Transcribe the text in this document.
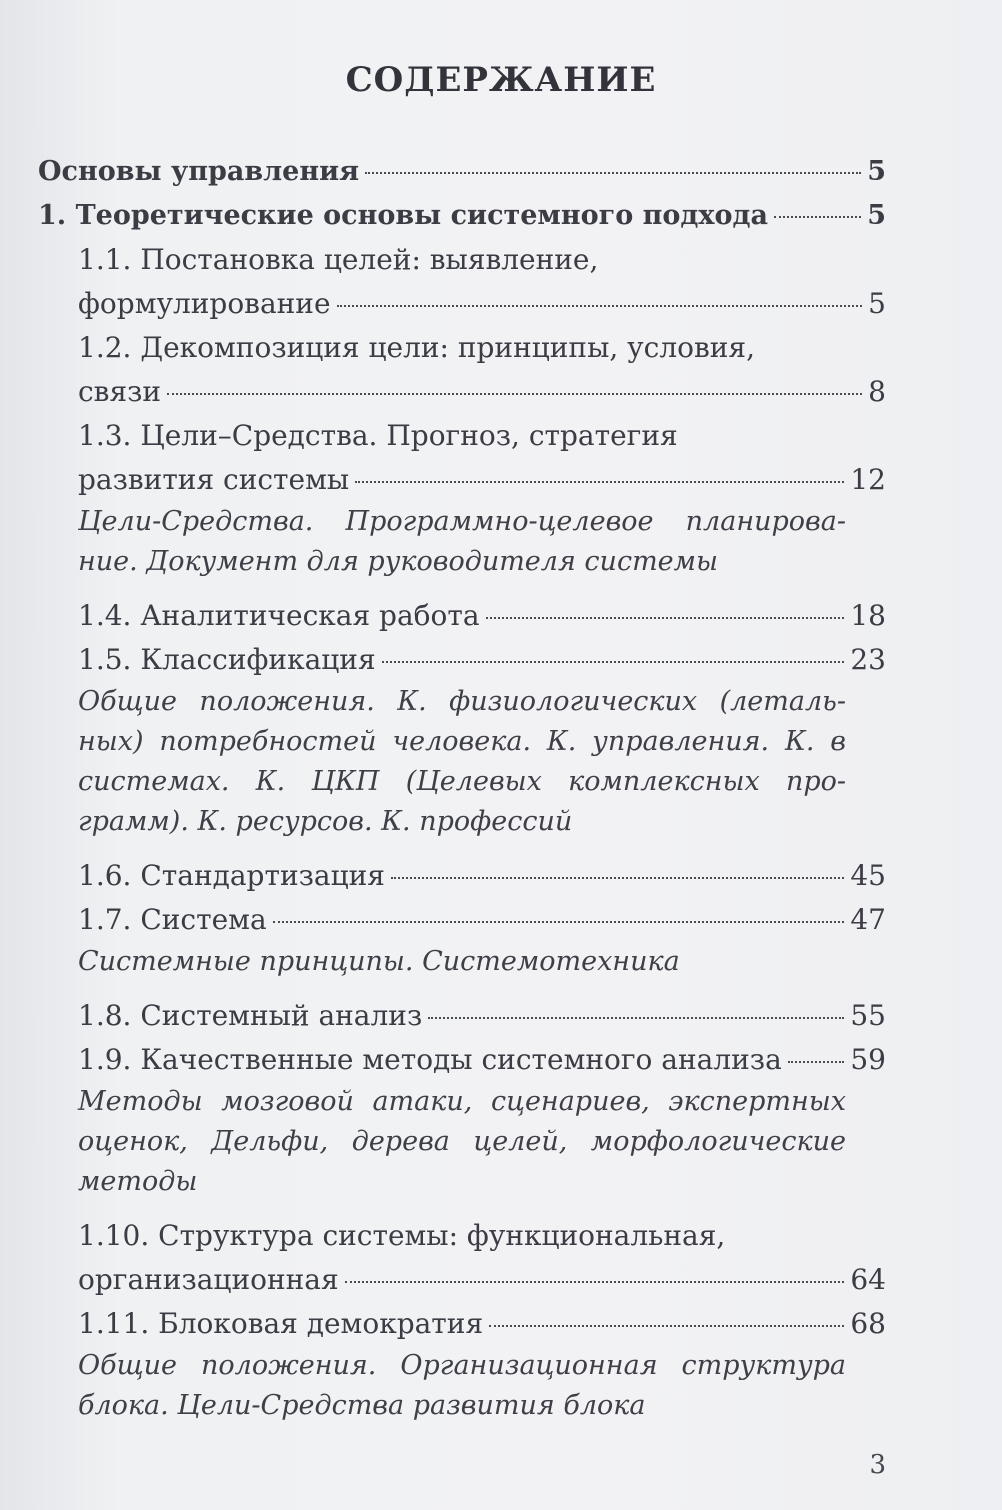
СОДЕРЖАНИЕ
Основы управления	5
1. Теоретические основы системного подхода	5
1.1. Постановка целей: выявление,
формулирование	5
1.2. Декомпозиция цели: принципы, условия,
связи	8
1.3. Цели–Средства. Прогноз, стратегия
развития системы	12
Цели-Средства. Программно-целевое планирова-ние. Документ для руководителя системы
1.4. Аналитическая работа	18
1.5. Классификация	23
Общие положения. К. физиологических (леталь-ных) потребностей человека. К. управления. К. в системах. К. ЦКП (Целевых комплексных про-грамм). К. ресурсов. К. профессий
1.6. Стандартизация	45
1.7. Система	47
Системные принципы. Системотехника
1.8. Системный анализ	55
1.9. Качественные методы системного анализа 59
Методы мозговой атаки, сценариев, экспертных оценок, Дельфи, дерева целей, морфологические методы
1.10. Структура системы: функциональная,
организационная	64
1.11. Блоковая демократия	68
Общие положения. Организационная структура блока. Цели-Средства развития блока
3
